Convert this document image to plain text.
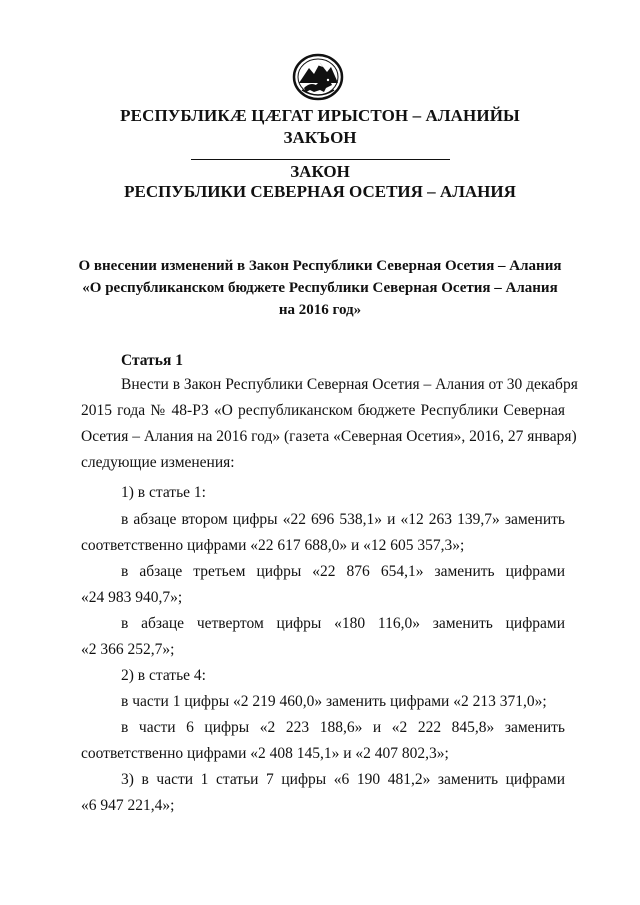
РЕСПУБЛИКӔ ЦӔГАТ ИРЫСТОН – АЛАНИЙЫ
ЗАКЪОН
ЗАКОН
РЕСПУБЛИКИ СЕВЕРНАЯ ОСЕТИЯ – АЛАНИЯ
О внесении изменений в Закон Республики Северная Осетия – Алания
«О республиканском бюджете Республики Северная Осетия – Алания
на 2016 год»
Статья 1
Внести в Закон Республики Северная Осетия – Алания от 30 декабря
2015 года № 48-РЗ «О республиканском бюджете Республики Северная
Осетия – Алания на 2016 год» (газета «Северная Осетия», 2016, 27 января)
следующие изменения:
1) в статье 1:
в абзаце втором цифры «22 696 538,1» и «12 263 139,7» заменить
соответственно цифрами «22 617 688,0» и «12 605 357,3»;
в абзаце третьем цифры «22 876 654,1» заменить цифрами
«24 983 940,7»;
в абзаце четвертом цифры «180 116,0» заменить цифрами
«2 366 252,7»;
2) в статье 4:
в части 1 цифры «2 219 460,0» заменить цифрами «2 213 371,0»;
в части 6 цифры «2 223 188,6» и «2 222 845,8» заменить
соответственно цифрами «2 408 145,1» и «2 407 802,3»;
3) в части 1 статьи 7 цифры «6 190 481,2» заменить цифрами
«6 947 221,4»;
